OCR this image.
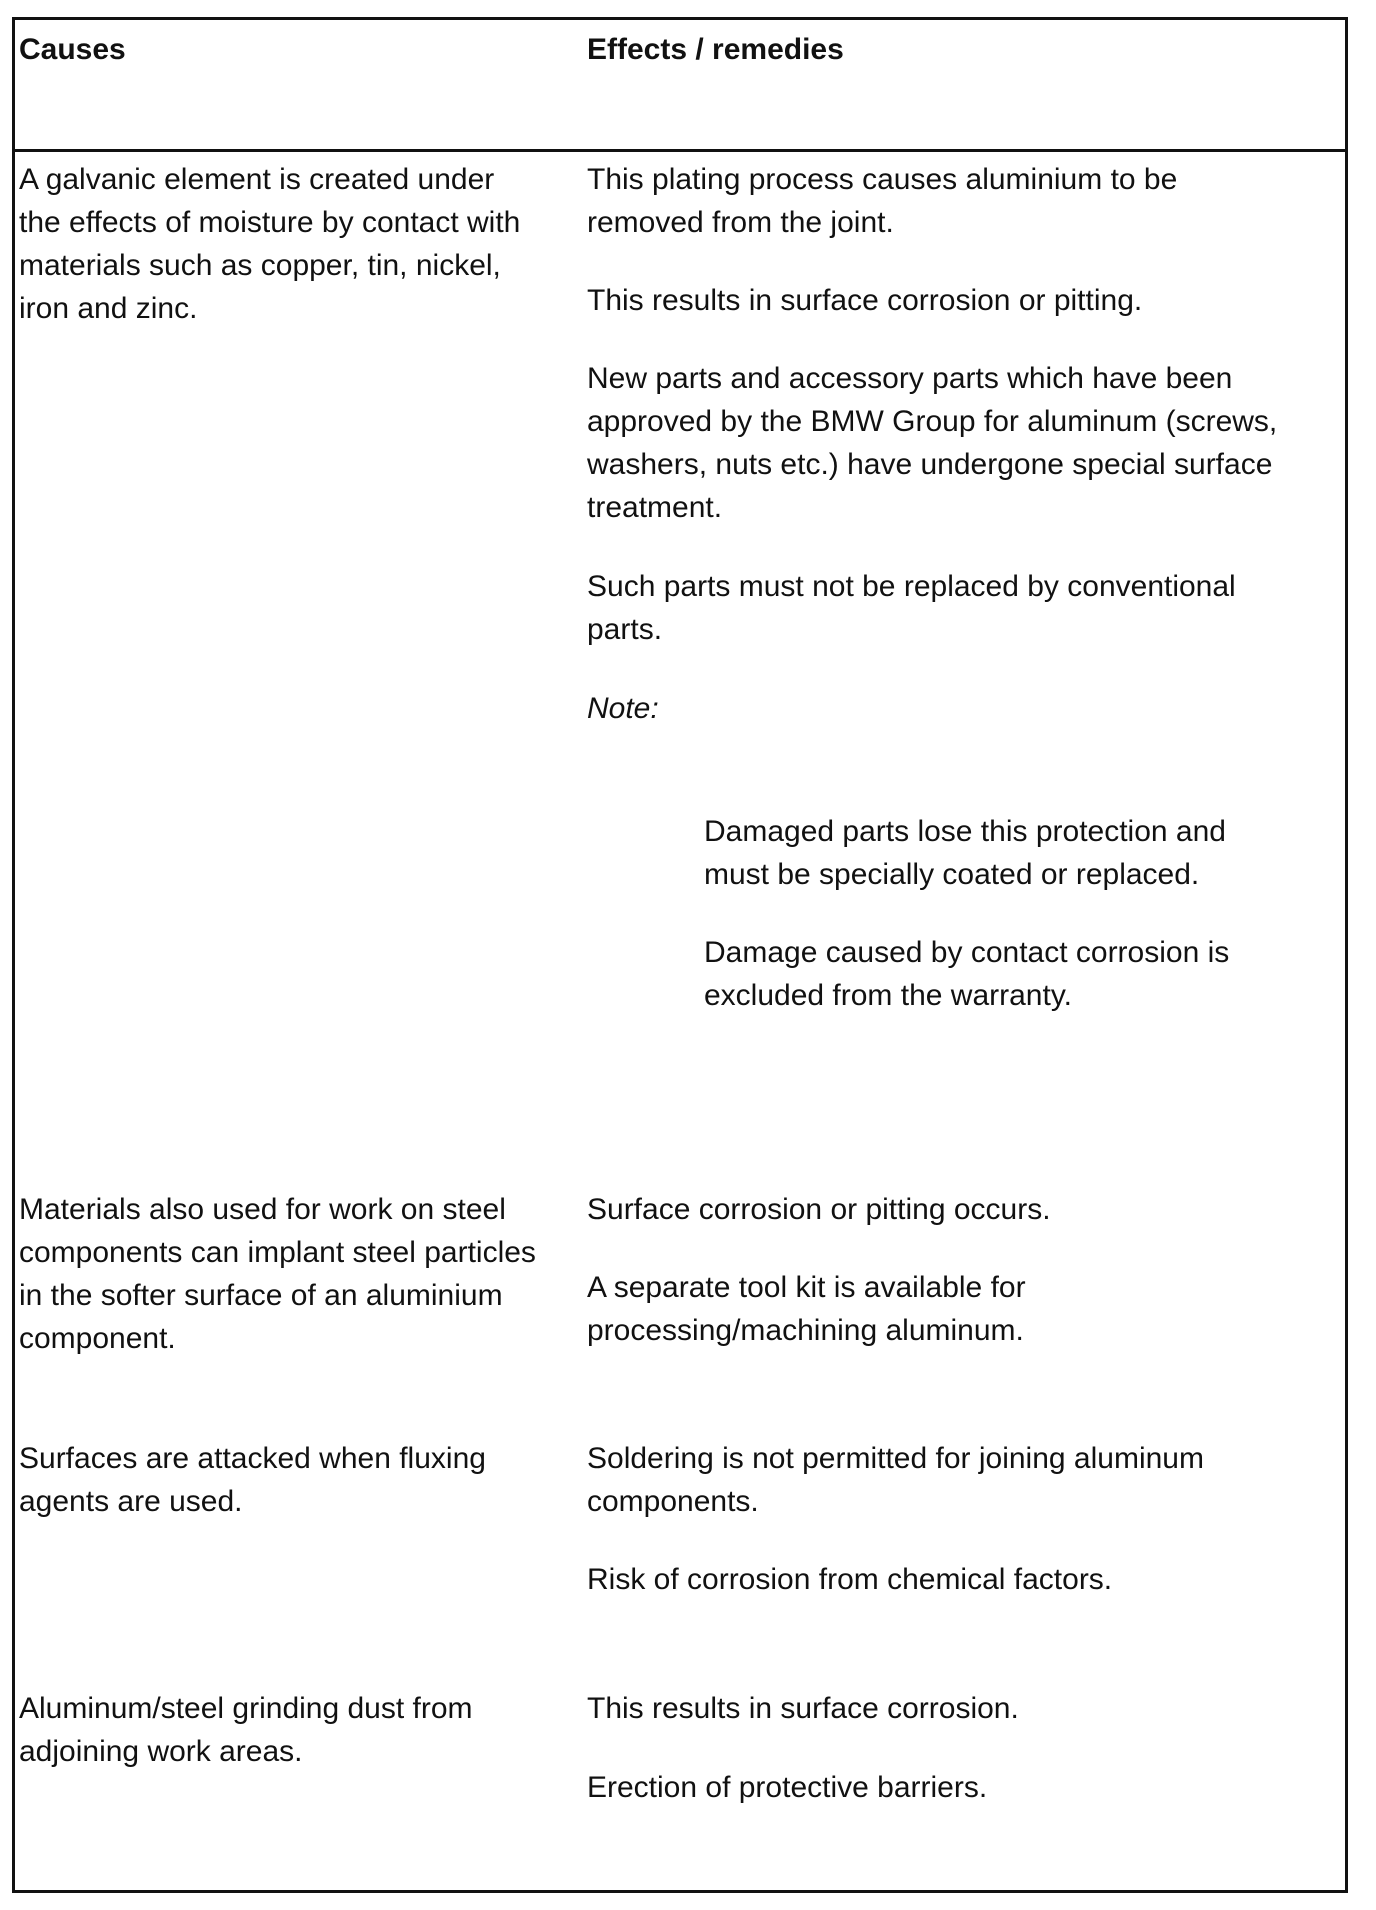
Causes	Effects / remedies

A galvanic element is created under

the effects of moisture by contact with

materials such as copper, tin, nickel,

iron and zinc.

This plating process causes aluminium to be

removed from the joint.

This results in surface corrosion or pitting.

New parts and accessory parts which have been

approved by the BMW Group for aluminum (screws,

washers, nuts etc.) have undergone special surface

treatment.

Such parts must not be replaced by conventional

parts.

Note:

Damaged parts lose this protection and

must be specially coated or replaced.

Damage caused by contact corrosion is

excluded from the warranty.

Materials also used for work on steel

components can implant steel particles

in the softer surface of an aluminium

component.

Surface corrosion or pitting occurs.

A separate tool kit is available for

processing/machining aluminum.

Surfaces are attacked when fluxing

agents are used.

Soldering is not permitted for joining aluminum

components.

Risk of corrosion from chemical factors.

Aluminum/steel grinding dust from

adjoining work areas.

This results in surface corrosion.

Erection of protective barriers.
